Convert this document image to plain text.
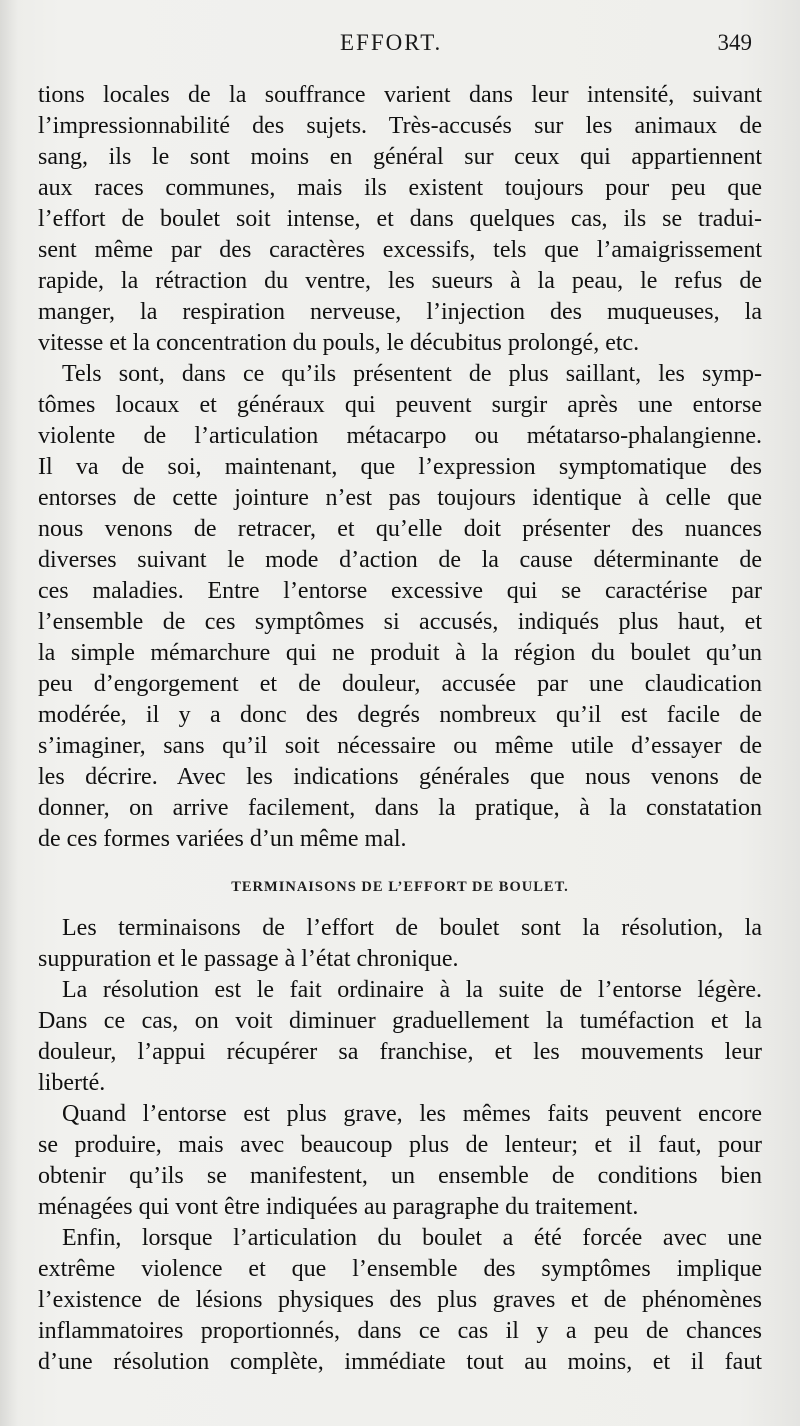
EFFORT.	349
tions locales de la souffrance varient dans leur intensité, suivant
l’impressionnabilité des sujets. Très-accusés sur les animaux de
sang, ils le sont moins en général sur ceux qui appartiennent
aux races communes, mais ils existent toujours pour peu que
l’effort de boulet soit intense, et dans quelques cas, ils se tradui-
sent même par des caractères excessifs, tels que l’amaigrissement
rapide, la rétraction du ventre, les sueurs à la peau, le refus de
manger, la respiration nerveuse, l’injection des muqueuses, la
vitesse et la concentration du pouls, le décubitus prolongé, etc.
Tels sont, dans ce qu’ils présentent de plus saillant, les symp-
tômes locaux et généraux qui peuvent surgir après une entorse
violente de l’articulation métacarpo ou métatarso-phalangienne.
Il va de soi, maintenant, que l’expression symptomatique des
entorses de cette jointure n’est pas toujours identique à celle que
nous venons de retracer, et qu’elle doit présenter des nuances
diverses suivant le mode d’action de la cause déterminante de
ces maladies. Entre l’entorse excessive qui se caractérise par
l’ensemble de ces symptômes si accusés, indiqués plus haut, et
la simple mémarchure qui ne produit à la région du boulet qu’un
peu d’engorgement et de douleur, accusée par une claudication
modérée, il y a donc des degrés nombreux qu’il est facile de
s’imaginer, sans qu’il soit nécessaire ou même utile d’essayer de
les décrire. Avec les indications générales que nous venons de
donner, on arrive facilement, dans la pratique, à la constatation
de ces formes variées d’un même mal.
TERMINAISONS DE L’EFFORT DE BOULET.
Les terminaisons de l’effort de boulet sont la résolution, la
suppuration et le passage à l’état chronique.
La résolution est le fait ordinaire à la suite de l’entorse légère.
Dans ce cas, on voit diminuer graduellement la tuméfaction et la
douleur, l’appui récupérer sa franchise, et les mouvements leur
liberté.
Quand l’entorse est plus grave, les mêmes faits peuvent encore
se produire, mais avec beaucoup plus de lenteur; et il faut, pour
obtenir qu’ils se manifestent, un ensemble de conditions bien
ménagées qui vont être indiquées au paragraphe du traitement.
Enfin, lorsque l’articulation du boulet a été forcée avec une
extrême violence et que l’ensemble des symptômes implique
l’existence de lésions physiques des plus graves et de phénomènes
inflammatoires proportionnés, dans ce cas il y a peu de chances
d’une résolution complète, immédiate tout au moins, et il faut
